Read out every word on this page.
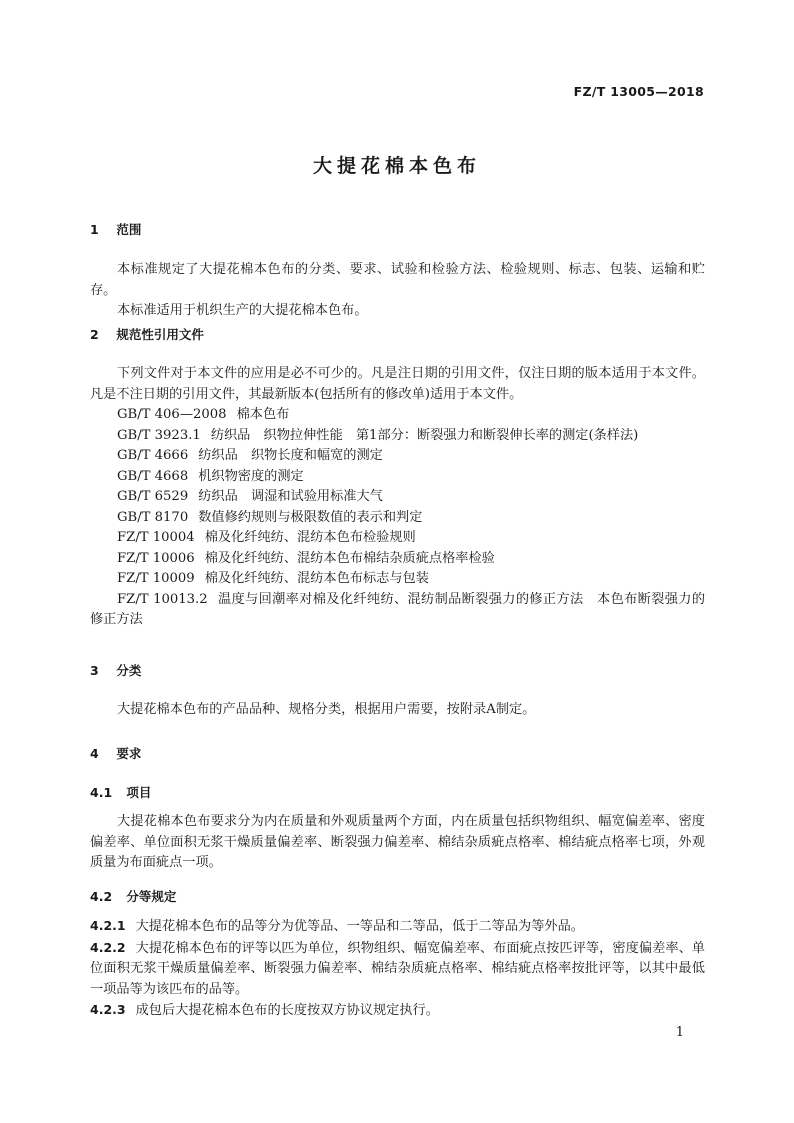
FZ/T 13005—2018
大提花棉本色布
1 范围

本标准规定了大提花棉本色布的分类、要求、试验和检验方法、检验规则、标志、包装、运输和贮存。

本标准适用于机织生产的大提花棉本色布。

2 规范性引用文件

下列文件对于本文件的应用是必不可少的。凡是注日期的引用文件，仅注日期的版本适用于本文件。凡是不注日期的引用文件，其最新版本(包括所有的修改单)适用于本文件。

GB/T 406—2008 棉本色布

GB/T 3923.1 纺织品　织物拉伸性能　第1部分：断裂强力和断裂伸长率的测定(条样法)

GB/T 4666 纺织品　织物长度和幅宽的测定

GB/T 4668 机织物密度的测定

GB/T 6529 纺织品　调湿和试验用标准大气

GB/T 8170 数值修约规则与极限数值的表示和判定

FZ/T 10004 棉及化纤纯纺、混纺本色布检验规则

FZ/T 10006 棉及化纤纯纺、混纺本色布棉结杂质疵点格率检验

FZ/T 10009 棉及化纤纯纺、混纺本色布标志与包装

FZ/T 10013.2 温度与回潮率对棉及化纤纯纺、混纺制品断裂强力的修正方法　本色布断裂强力的修正方法

3 分类

大提花棉本色布的产品品种、规格分类，根据用户需要，按附录A制定。

4 要求
4.1 项目

大提花棉本色布要求分为内在质量和外观质量两个方面，内在质量包括织物组织、幅宽偏差率、密度偏差率、单位面积无浆干燥质量偏差率、断裂强力偏差率、棉结杂质疵点格率、棉结疵点格率七项，外观质量为布面疵点一项。

4.2 分等规定

4.2.1 大提花棉本色布的品等分为优等品、一等品和二等品，低于二等品为等外品。

4.2.2 大提花棉本色布的评等以匹为单位，织物组织、幅宽偏差率、布面疵点按匹评等，密度偏差率、单位面积无浆干燥质量偏差率、断裂强力偏差率、棉结杂质疵点格率、棉结疵点格率按批评等，以其中最低一项品等为该匹布的品等。

4.2.3 成包后大提花棉本色布的长度按双方协议规定执行。

1
